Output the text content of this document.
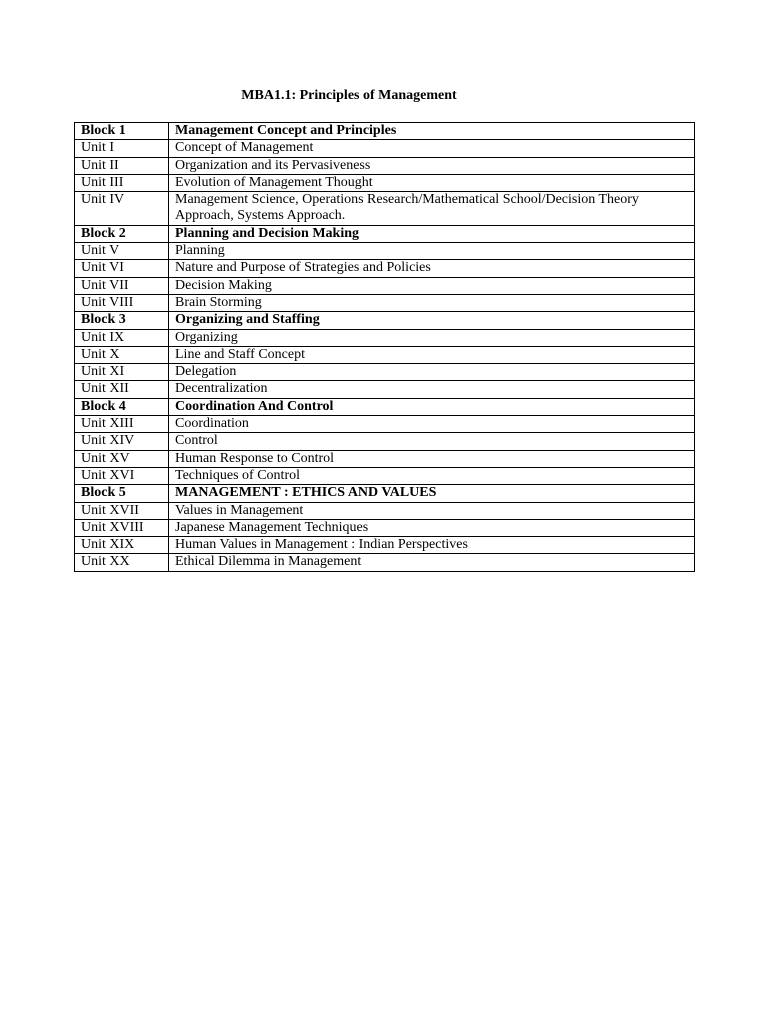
MBA1.1: Principles of Management
Block 1	Management Concept and Principles
Unit I	Concept of Management
Unit II	Organization and its Pervasiveness
Unit III	Evolution of Management Thought
Unit IV	Management Science, Operations Research/Mathematical School/Decision Theory Approach, Systems Approach.
Block 2	Planning and Decision Making
Unit V	Planning
Unit VI	Nature and Purpose of Strategies and Policies
Unit VII	Decision Making
Unit VIII	Brain Storming
Block 3	Organizing and Staffing
Unit IX	Organizing
Unit X	Line and Staff Concept
Unit XI	Delegation
Unit XII	Decentralization
Block 4	Coordination And Control
Unit XIII	Coordination
Unit XIV	Control
Unit XV	Human Response to Control
Unit XVI	Techniques of Control
Block 5	MANAGEMENT : ETHICS AND VALUES
Unit XVII	Values in Management
Unit XVIII	Japanese Management Techniques
Unit XIX	Human Values in Management : Indian Perspectives
Unit XX	Ethical Dilemma in Management
